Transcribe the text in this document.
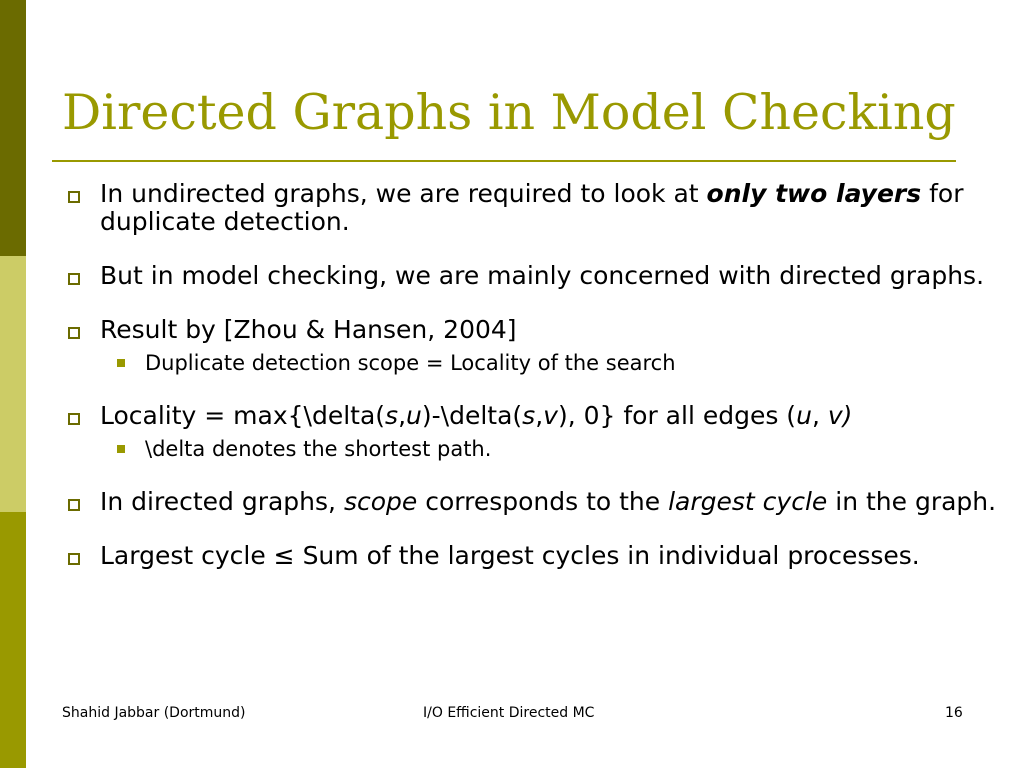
Directed Graphs in Model Checking
In undirected graphs, we are required to look at only two layers for duplicate detection.
But in model checking, we are mainly concerned with directed graphs.
Result by [Zhou & Hansen, 2004]
Duplicate detection scope = Locality of the search
Locality = max{\delta(s,u)-\delta(s,v), 0} for all edges (u, v)
\delta denotes the shortest path.
In directed graphs, scope corresponds to the largest cycle in the graph.
Largest cycle ≤ Sum of the largest cycles in individual processes.
Shahid Jabbar (Dortmund)	I/O Efficient Directed MC	16
